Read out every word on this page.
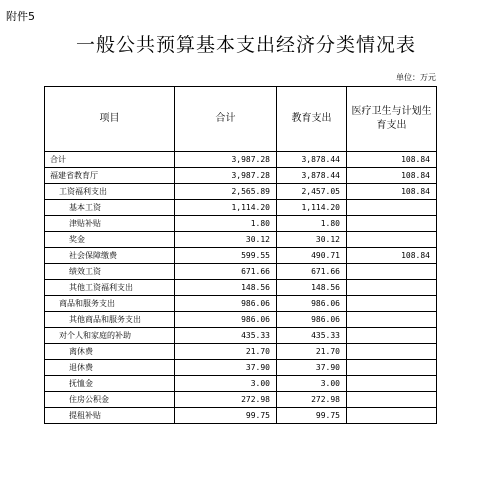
附件5
一般公共预算基本支出经济分类情况表
单位：万元
项目	合计	教育支出	医疗卫生与计划生育支出
合计	3,987.28	3,878.44	108.84
福建省教育厅	3,987.28	3,878.44	108.84
工资福利支出	2,565.89	2,457.05	108.84
基本工资	1,114.20	1,114.20	
津贴补贴	1.80	1.80	
奖金	30.12	30.12	
社会保障缴费	599.55	490.71	108.84
绩效工资	671.66	671.66	
其他工资福利支出	148.56	148.56	
商品和服务支出	986.06	986.06	
其他商品和服务支出	986.06	986.06	
对个人和家庭的补助	435.33	435.33	
离休费	21.70	21.70	
退休费	37.90	37.90	
抚恤金	3.00	3.00	
住房公积金	272.98	272.98	
提租补贴	99.75	99.75	
